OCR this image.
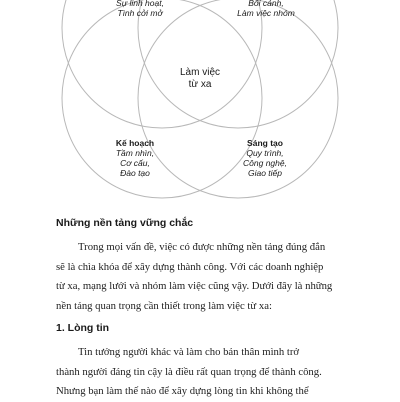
Sự linh hoạt,
Tình cởi mở
Bối cảnh,
Làm việc nhóm
Làm việc
từ xa
Kế hoạch
Tầm nhìn,
Cơ cấu,
Đào tạo
Sáng tạo
Quy trình,
Công nghệ,
Giao tiếp
Những nền tảng vững chắc
Trong mọi vấn đề, việc có được những nền tảng đúng đắn
sẽ là chìa khóa để xây dựng thành công. Với các doanh nghiệp
từ xa, mạng lưới và nhóm làm việc cũng vậy. Dưới đây là những
nền tảng quan trọng cần thiết trong làm việc từ xa:
1. Lòng tin
Tin tưởng người khác và làm cho bản thân mình trở
thành người đáng tin cậy là điều rất quan trọng để thành công.
Nhưng bạn làm thế nào để xây dựng lòng tin khi không thể
